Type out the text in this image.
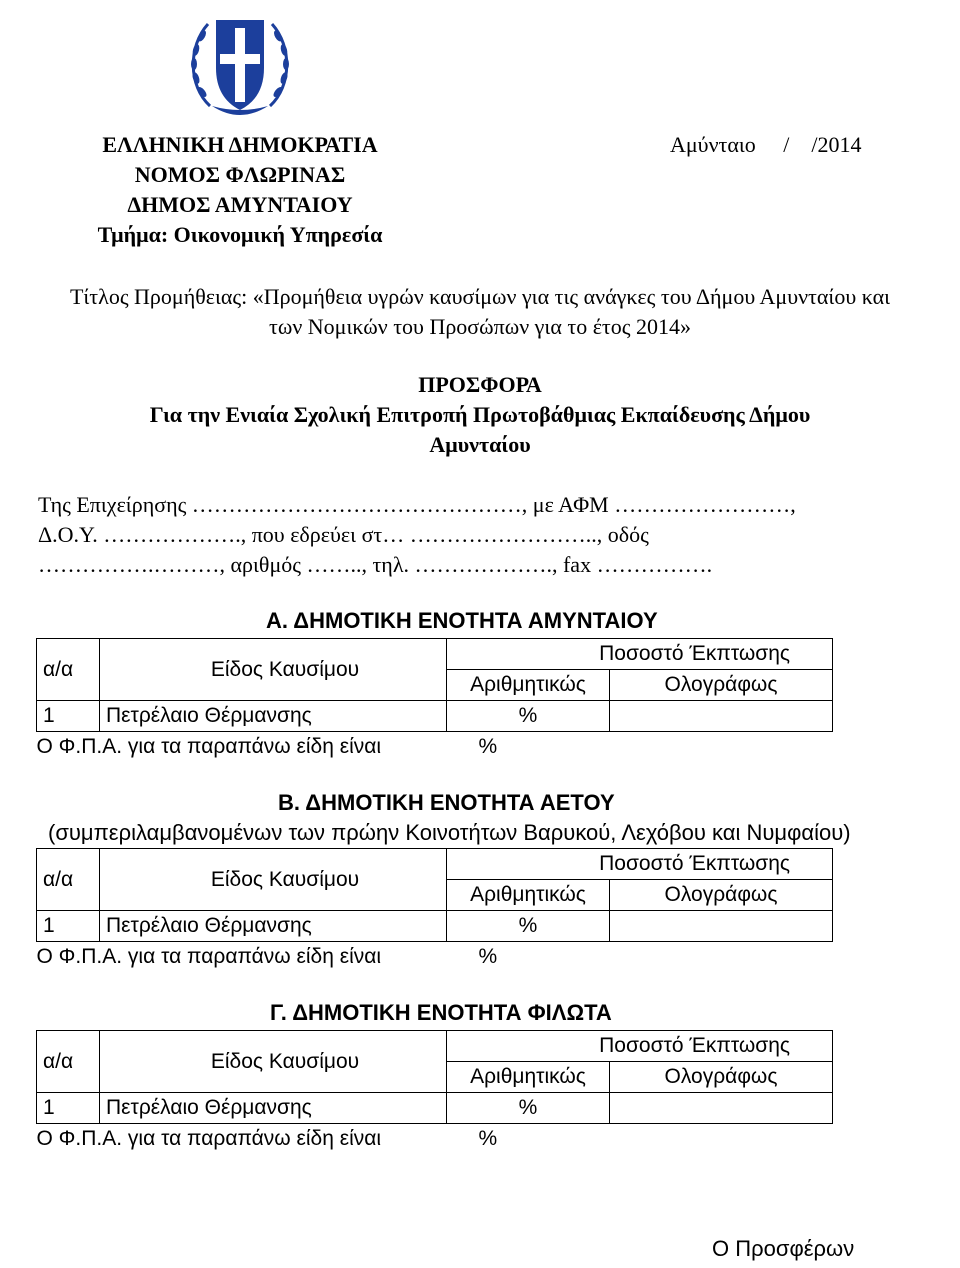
ΕΛΛΗΝΙΚΗ ΔΗΜΟΚΡΑΤΙΑ
ΝΟΜΟΣ ΦΛΩΡΙΝΑΣ
ΔΗΜΟΣ ΑΜΥΝΤΑΙΟΥ
Τμήμα: Οικονομική Υπηρεσία
Αμύνταιο     /    /2014
Τίτλος Προμήθειας: «Προμήθεια υγρών καυσίμων για τις ανάγκες του Δήμου Αμυνταίου και
των Νομικών του Προσώπων για το έτος 2014»
ΠΡΟΣΦΟΡΑ
Για την Ενιαία Σχολική Επιτροπή Πρωτοβάθμιας Εκπαίδευσης Δήμου
Αμυνταίου
Της Επιχείρησης ………………………………………, με ΑΦΜ ……………………,
Δ.Ο.Υ. ………………., που εδρεύει στ… …………………….., οδός
…………….………, αριθμός …….., τηλ. ………………., fax …………….
Α. ΔΗΜΟΤΙΚΗ ΕΝΟΤΗΤΑ ΑΜΥΝΤΑΙΟΥ
α/α	Είδος Καυσίμου	Ποσοστό Έκπτωσης	
		Αριθμητικώς	Ολογράφως
1	Πετρέλαιο Θέρμανσης	%	
Ο Φ.Π.Α. για τα παραπάνω είδη είναι		%	
Β. ΔΗΜΟΤΙΚΗ ΕΝΟΤΗΤΑ ΑΕΤΟΥ
(συμπεριλαμβανομένων των πρώην Κοινοτήτων Βαρυκού, Λεχόβου και Νυμφαίου)
α/α	Είδος Καυσίμου	Ποσοστό Έκπτωσης	
		Αριθμητικώς	Ολογράφως
1	Πετρέλαιο Θέρμανσης	%	
Ο Φ.Π.Α. για τα παραπάνω είδη είναι		%	
Γ. ΔΗΜΟΤΙΚΗ ΕΝΟΤΗΤΑ ΦΙΛΩΤΑ
α/α	Είδος Καυσίμου	Ποσοστό Έκπτωσης	
		Αριθμητικώς	Ολογράφως
1	Πετρέλαιο Θέρμανσης	%	
Ο Φ.Π.Α. για τα παραπάνω είδη είναι		%	
Ο Προσφέρων
